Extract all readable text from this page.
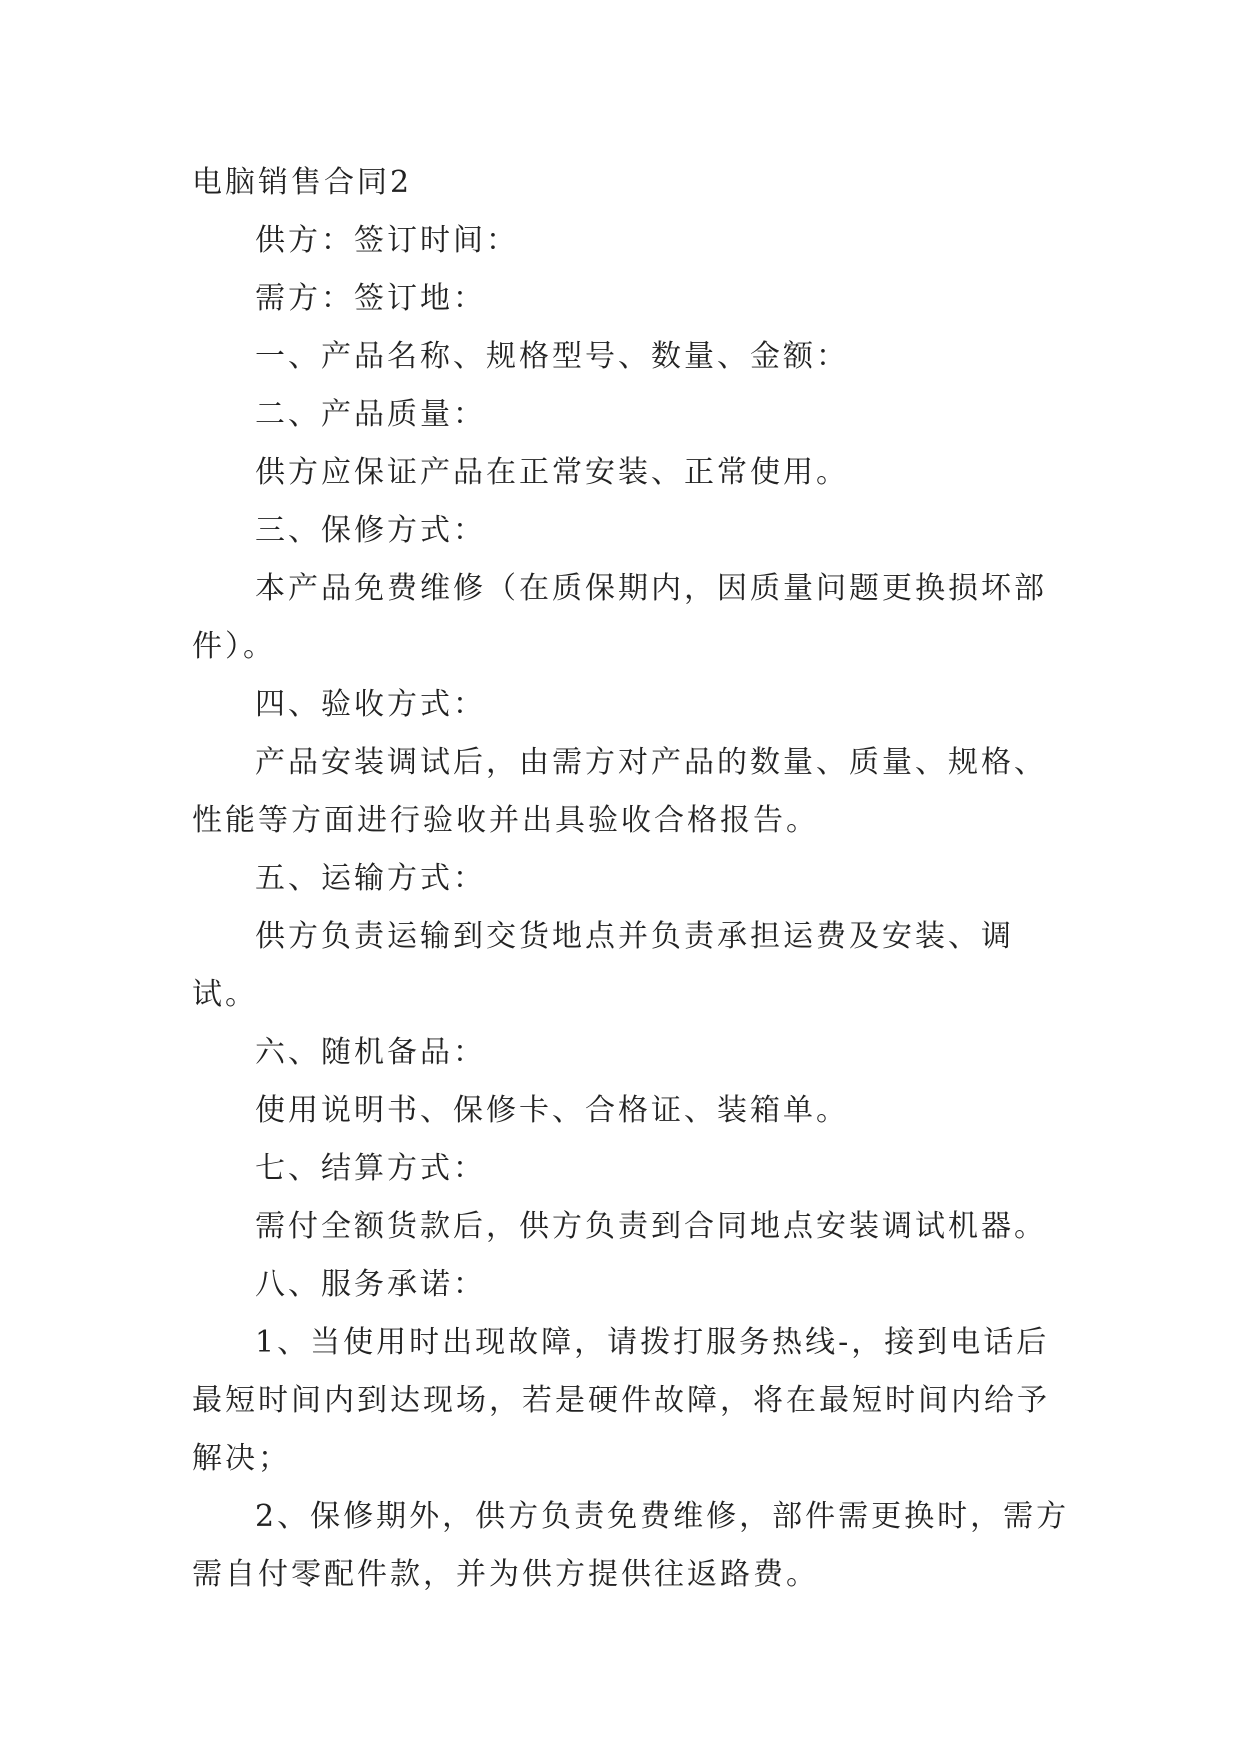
电脑销售合同2

供方：签订时间：

需方：签订地：

一、产品名称、规格型号、数量、金额：

二、产品质量：

供方应保证产品在正常安装、正常使用。

三、保修方式：

本产品免费维修（在质保期内，因质量问题更换损坏部件）。

四、验收方式：

产品安装调试后，由需方对产品的数量、质量、规格、性能等方面进行验收并出具验收合格报告。

五、运输方式：

供方负责运输到交货地点并负责承担运费及安装、调试。

六、随机备品：

使用说明书、保修卡、合格证、装箱单。

七、结算方式：

需付全额货款后，供方负责到合同地点安装调试机器。

八、服务承诺：

1、当使用时出现故障，请拨打服务热线-，接到电话后最短时间内到达现场，若是硬件故障，将在最短时间内给予解决；

2、保修期外，供方负责免费维修，部件需更换时，需方需自付零配件款，并为供方提供往返路费。
